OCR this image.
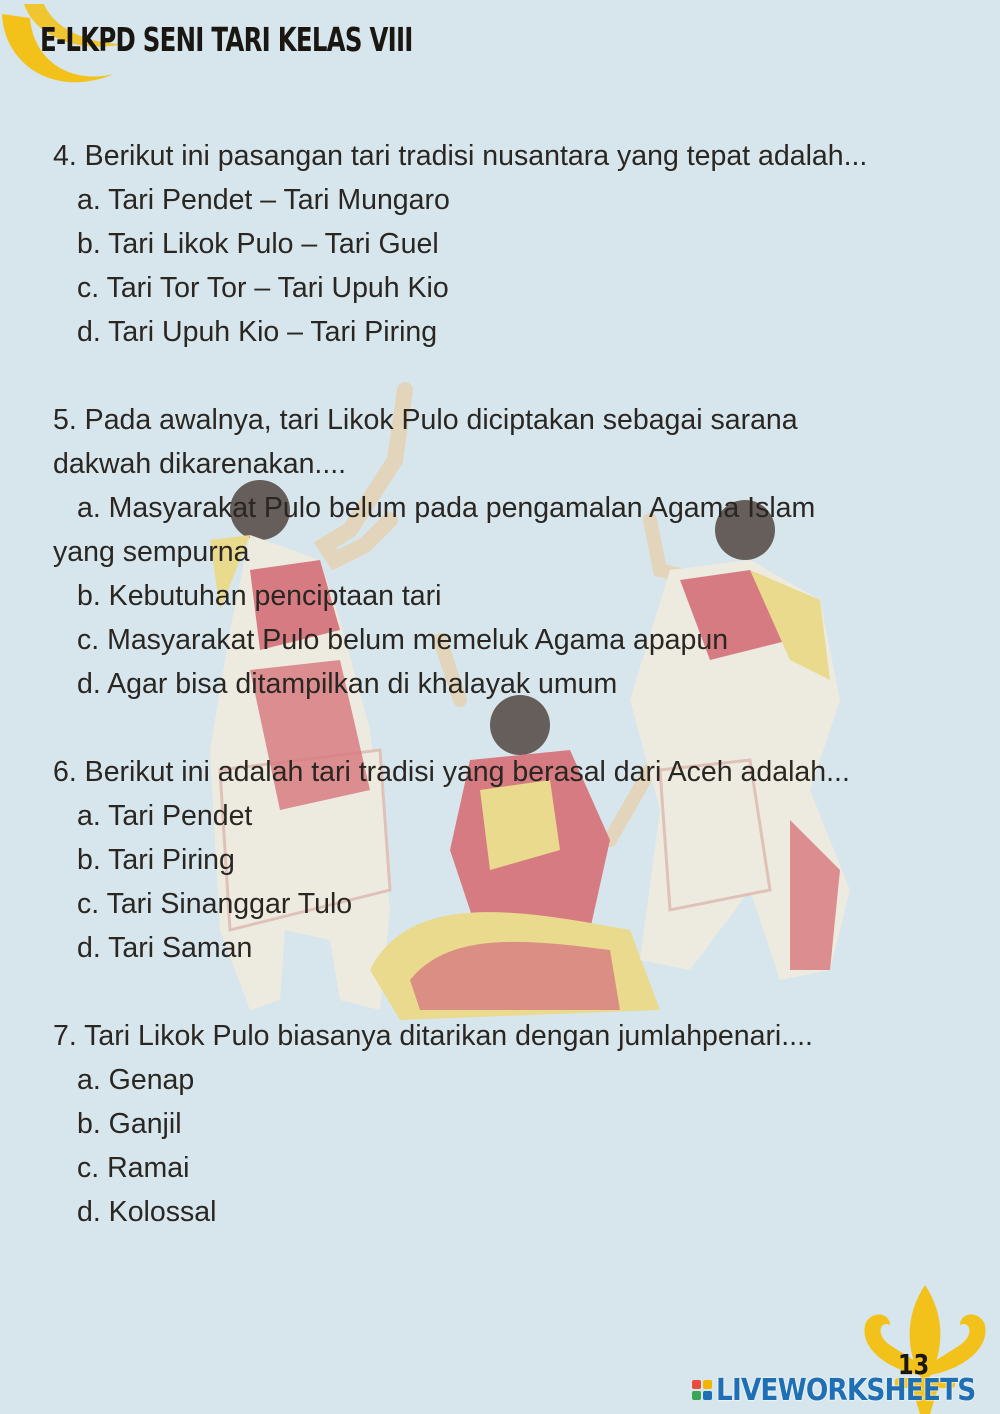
E-LKPD SENI TARI KELAS VIII
4. Berikut ini pasangan tari tradisi nusantara yang tepat adalah...
a. Tari Pendet – Tari Mungaro
b. Tari Likok Pulo – Tari Guel
c. Tari Tor Tor – Tari Upuh Kio
d. Tari Upuh Kio – Tari Piring
5. Pada awalnya, tari Likok Pulo diciptakan sebagai sarana
dakwah dikarenakan....
a. Masyarakat Pulo belum pada pengamalan Agama Islam
yang sempurna
b. Kebutuhan penciptaan tari
c. Masyarakat Pulo belum memeluk Agama apapun
d. Agar bisa ditampilkan di khalayak umum
6. Berikut ini adalah tari tradisi yang berasal dari Aceh adalah...
a. Tari Pendet
b. Tari Piring
c. Tari Sinanggar Tulo
d. Tari Saman
7. Tari Likok Pulo biasanya ditarikan dengan jumlahpenari....
a. Genap
b. Ganjil
c. Ramai
d. Kolossal
13
LIVEWORKSHEETS
